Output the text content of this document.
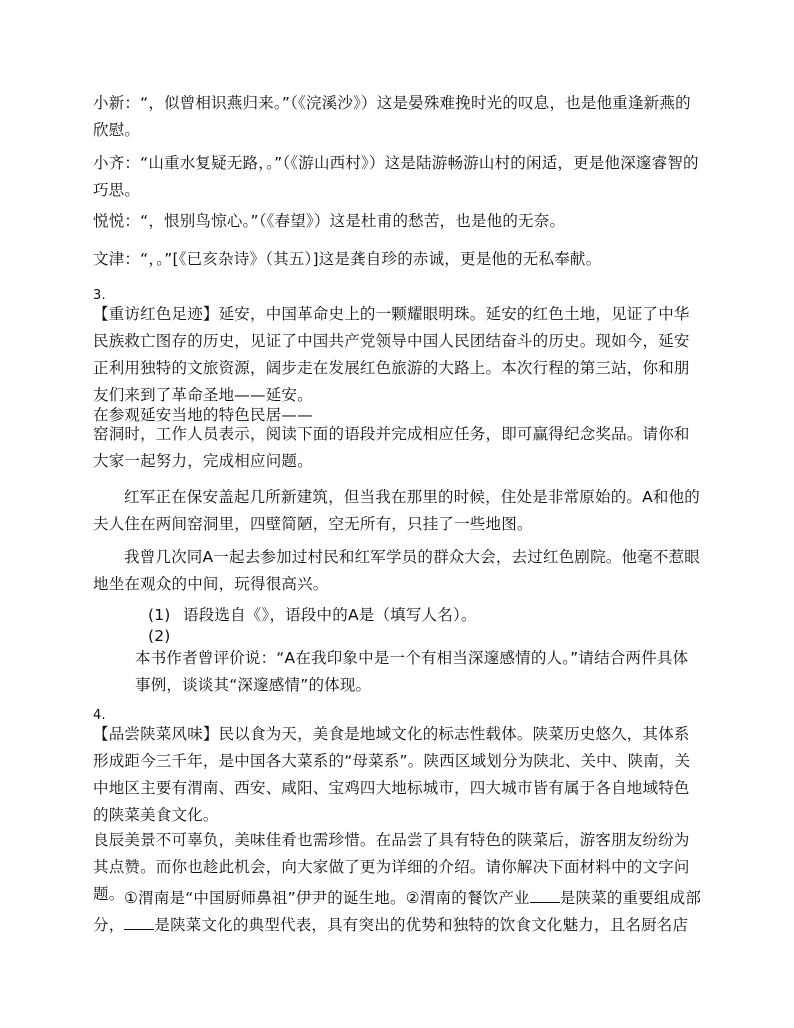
小新：“，似曾相识燕归来。”（《浣溪沙》）这是晏殊难挽时光的叹息，也是他重逢新燕的欣慰。

小齐：“山重水复疑无路，。”（《游山西村》）这是陆游畅游山村的闲适，更是他深邃睿智的巧思。

悦悦：“，恨别鸟惊心。”（《春望》）这是杜甫的愁苦，也是他的无奈。

文津：“，。”[《已亥杂诗》（其五）]这是龚自珍的赤诚，更是他的无私奉献。

3.

【重访红色足迹】延安，中国革命史上的一颗耀眼明珠。延安的红色土地，见证了中华民族救亡图存的历史，见证了中国共产党领导中国人民团结奋斗的历史。现如今，延安正利用独特的文旅资源，阔步走在发展红色旅游的大路上。本次行程的第三站，你和朋友们来到了革命圣地——延安。

在参观延安当地的特色民居——

窑洞时，工作人员表示，阅读下面的语段并完成相应任务，即可赢得纪念奖品。请你和大家一起努力，完成相应问题。

红军正在保安盖起几所新建筑，但当我在那里的时候，住处是非常原始的。A和他的夫人住在两间窑洞里，四壁简陋，空无所有，只挂了一些地图。

我曾几次同A一起去参加过村民和红军学员的群众大会，去过红色剧院。他毫不惹眼地坐在观众的中间，玩得很高兴。

(1) 语段选自《》，语段中的A是（填写人名）。

(2)

本书作者曾评价说：“A在我印象中是一个有相当深邃感情的人。”请结合两件具体事例，谈谈其“深邃感情”的体现。

4.

【品尝陕菜风味】民以食为天，美食是地域文化的标志性载体。陕菜历史悠久，其体系形成距今三千年，是中国各大菜系的“母菜系”。陕西区域划分为陕北、关中、陕南，关中地区主要有渭南、西安、咸阳、宝鸡四大地标城市，四大城市皆有属于各自地域特色的陕菜美食文化。

良辰美景不可辜负，美味佳肴也需珍惜。在品尝了具有特色的陕菜后，游客朋友纷纷为其点赞。而你也趁此机会，向大家做了更为详细的介绍。请你解决下面材料中的文字问题。 ①渭南是“中国厨师鼻祖”伊尹的诞生地。②渭南的餐饮产业 是陕菜的重要组成部分， 是陕菜文化的典型代表，具有突出的优势和独特的饮食文化魅力，且名厨名店
